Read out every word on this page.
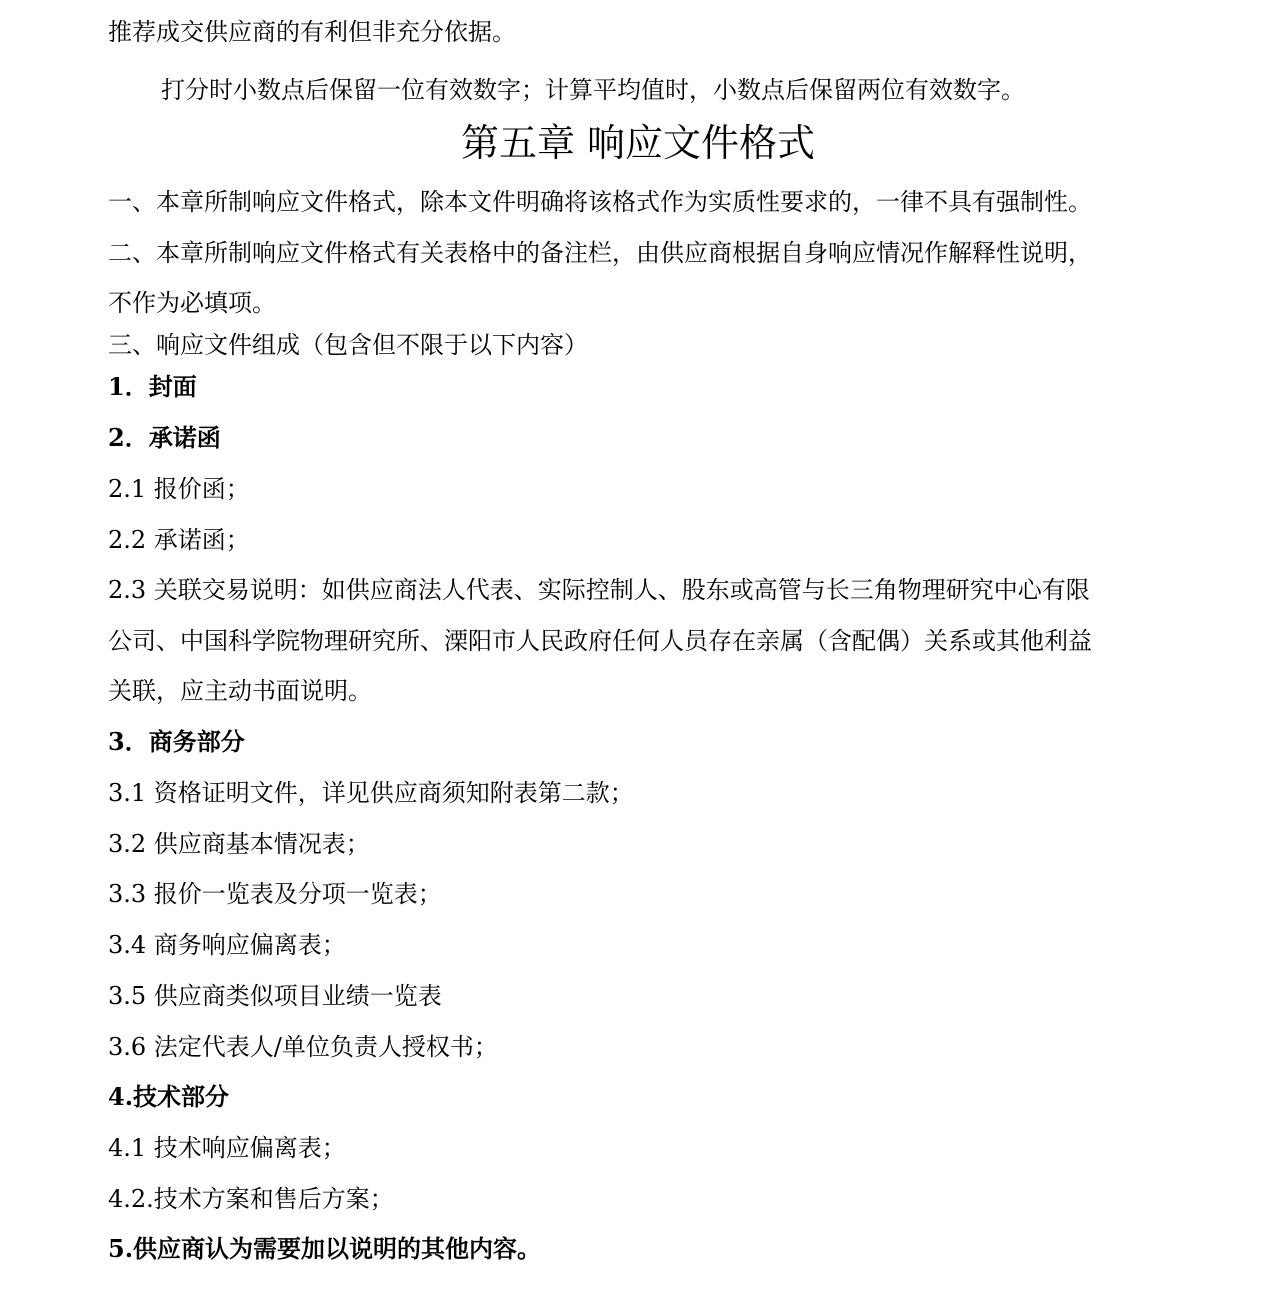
推荐成交供应商的有利但非充分依据。

打分时小数点后保留一位有效数字；计算平均值时，小数点后保留两位有效数字。

第五章 响应文件格式

一、本章所制响应文件格式，除本文件明确将该格式作为实质性要求的，一律不具有强制性。

二、本章所制响应文件格式有关表格中的备注栏，由供应商根据自身响应情况作解释性说明，

不作为必填项。

三、响应文件组成（包含但不限于以下内容）

1．封面

2．承诺函

2.1 报价函；

2.2 承诺函；

2.3 关联交易说明：如供应商法人代表、实际控制人、股东或高管与长三角物理研究中心有限

公司、中国科学院物理研究所、溧阳市人民政府任何人员存在亲属（含配偶）关系或其他利益

关联，应主动书面说明。

3．商务部分

3.1 资格证明文件，详见供应商须知附表第二款；

3.2 供应商基本情况表；

3.3 报价一览表及分项一览表；

3.4 商务响应偏离表；

3.5 供应商类似项目业绩一览表

3.6 法定代表人/单位负责人授权书；

4.技术部分

4.1 技术响应偏离表；

4.2.技术方案和售后方案；

5.供应商认为需要加以说明的其他内容。
